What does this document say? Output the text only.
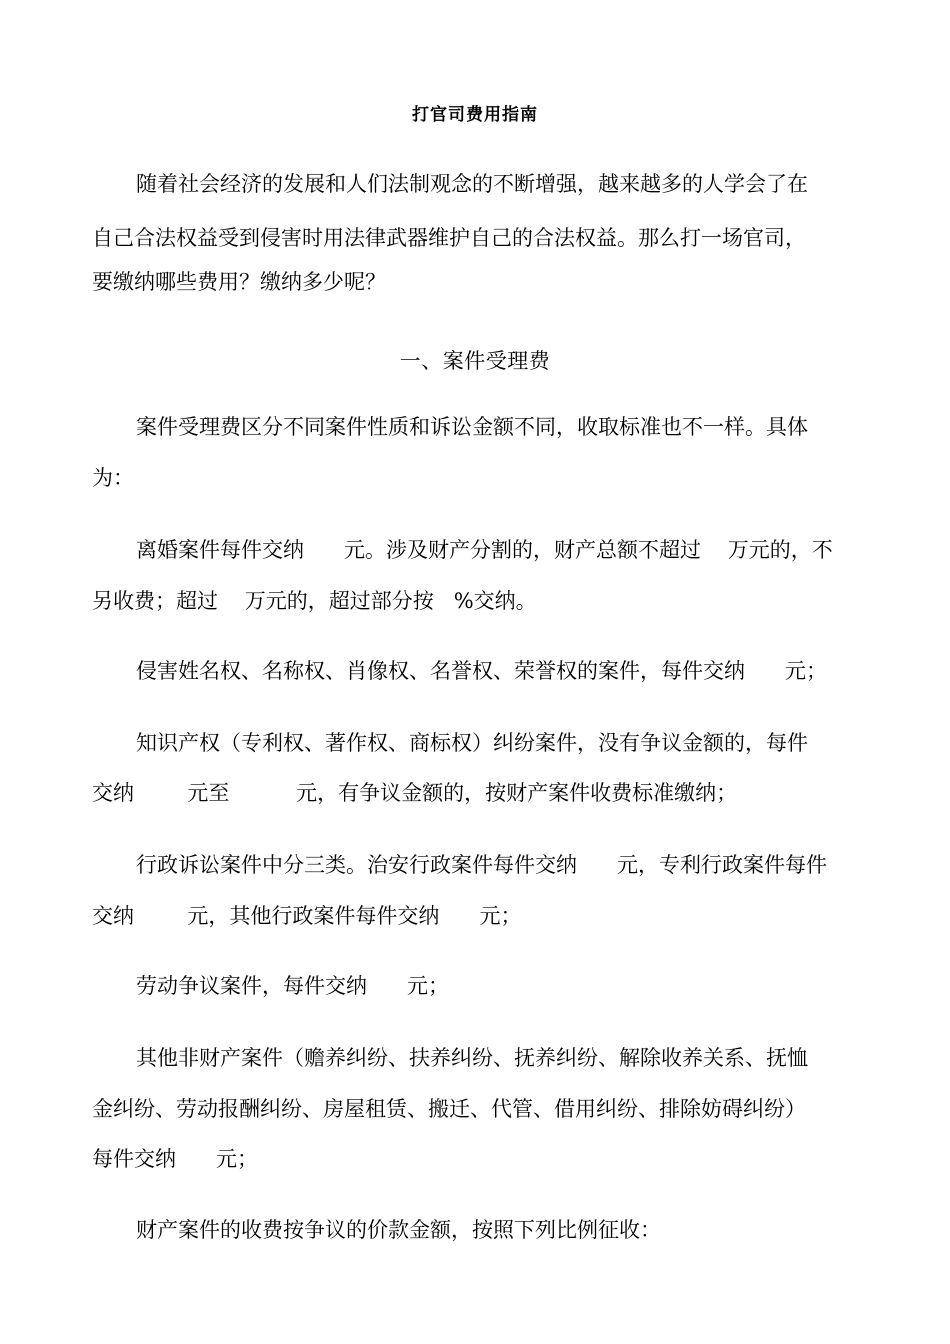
打官司费用指南
随着社会经济的发展和人们法制观念的不断增强，越来越多的人学会了在
自己合法权益受到侵害时用法律武器维护自己的合法权益。那么打一场官司，
要缴纳哪些费用？缴纳多少呢？
一、案件受理费
案件受理费区分不同案件性质和诉讼金额不同，收取标准也不一样。具体
为：
离婚案件每件交纳      元。涉及财产分割的，财产总额不超过    万元的，不
另收费；超过    万元的，超过部分按   %交纳。
侵害姓名权、名称权、肖像权、名誉权、荣誉权的案件，每件交纳      元；
知识产权（专利权、著作权、商标权）纠纷案件，没有争议金额的，每件
交纳        元至          元，有争议金额的，按财产案件收费标准缴纳；
行政诉讼案件中分三类。治安行政案件每件交纳      元，专利行政案件每件
交纳        元，其他行政案件每件交纳      元；
劳动争议案件，每件交纳      元；
其他非财产案件（赡养纠纷、扶养纠纷、抚养纠纷、解除收养关系、抚恤
金纠纷、劳动报酬纠纷、房屋租赁、搬迁、代管、借用纠纷、排除妨碍纠纷）
每件交纳      元；
财产案件的收费按争议的价款金额，按照下列比例征收：
